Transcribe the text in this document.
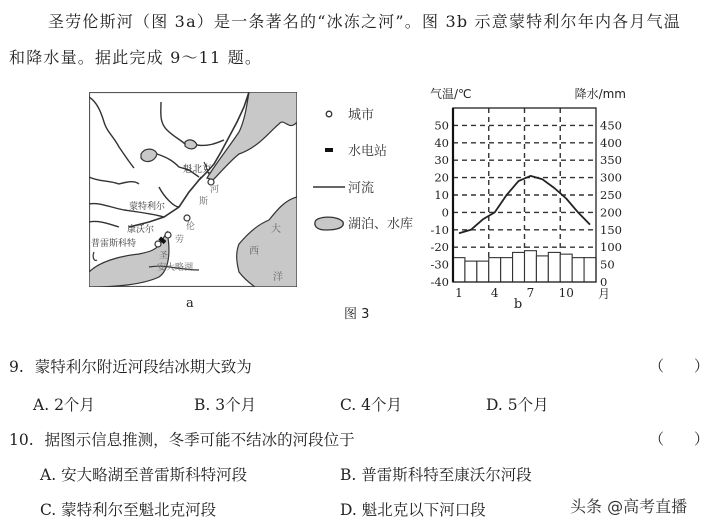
圣劳伦斯河（图 3a）是一条著名的“冰冻之河”。图 3b 示意蒙特利尔年内各月气温
和降水量。据此完成 9～11 题。
魁北克
蒙特利尔
康沃尔
普雷斯科特
河
斯
伦
劳
圣
安大略湖
大
西
洋
a
城市
水电站
河流
湖泊、水库
50
40
30
20
10
0
-10
-20
-30
-40
450
400
350
300
250
200
150
100
50
0
气温/℃	降水/mm
1 4 7 10 月
b
图 3
9. 蒙特利尔附近河段结冰期大致为	（　　）
A. 2个月	B. 3个月	C. 4个月	D. 5个月
10. 据图示信息推测，冬季可能不结冰的河段位于	（　　）
A. 安大略湖至普雷斯科特河段	B. 普雷斯科特至康沃尔河段
C. 蒙特利尔至魁北克河段	D. 魁北克以下河口段	头条 @高考直播
